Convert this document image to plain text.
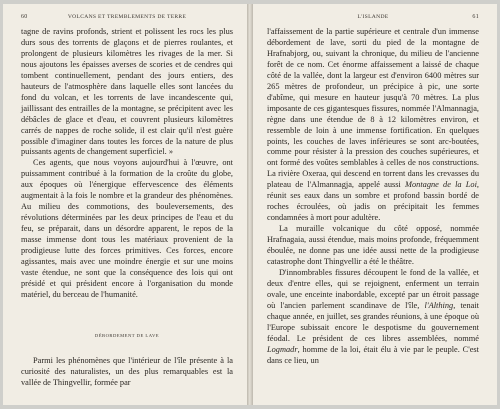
60	VOLCANS ET TREMBLEMENTS DE TERRE

tagne de ravins profonds, strient et polissent les rocs les plus durs sous des torrents de glaçons et de pierres roulantes, et prolongent de plusieurs kilomètres les rivages de la mer. Si nous ajoutons les épaisses averses de scories et de cendres qui tombent continuellement, pendant des jours entiers, des hauteurs de l'atmosphère dans laquelle elles sont lancées du fond du volcan, et les torrents de lave incandescente qui, jaillissant des entrailles de la montagne, se précipitent avec les débâcles de glace et d'eau, et couvrent plusieurs kilomètres carrés de nappes de roche solide, il est clair qu'il n'est guère possible d'imaginer dans toutes les forces de la nature de plus puissants agents de changement superficiel. »

Ces agents, que nous voyons aujourd'hui à l'œuvre, ont puissamment contribué à la formation de la croûte du globe, aux époques où l'énergique effervescence des éléments augmentait à la fois le nombre et la grandeur des phénomènes. Au milieu des commotions, des bouleversements, des révolutions déterminées par les deux principes de l'eau et du feu, se préparait, dans un désordre apparent, le repos de la masse immense dont tous les matériaux provenient de la prodigieuse lutte des forces primitives. Ces forces, encore agissantes, mais avec une moindre énergie et sur une moins vaste étendue, ne sont que la conséquence des lois qui ont présidé et qui président encore à l'organisation du monde matériel, du berceau de l'humanité.

DÉBORDEMENT DE LAVE

Parmi les phénomènes que l'intérieur de l'île présente à la curiosité des naturalistes, un des plus remarquables est la vallée de Thingvellir, formée par

L'ISLANDE	61

l'affaissement de la partie supérieure et centrale d'un immense débordement de lave, sorti du pied de la montagne de Hrafnabjorg, ou, suivant la chronique, du milieu de l'ancienne forêt de ce nom. Cet énorme affaissement a laissé de chaque côté de la vallée, dont la largeur est d'environ 6400 mètres sur 265 mètres de profondeur, un précipice à pic, une sorte d'abîme, qui mesure en hauteur jusqu'à 70 mètres. La plus imposante de ces gigantesques fissures, nommée l'Almannagja, règne dans une étendue de 8 à 12 kilomètres environ, et ressemble de loin à une immense fortification. En quelques points, les couches de laves inférieures se sont arc-boutées, comme pour résister à la pression des couches supérieures, et ont formé des voûtes semblables à celles de nos constructions. La rivière Oxeraa, qui descend en torrent dans les crevasses du plateau de l'Almannagja, appelé aussi Montagne de la Loi, réunit ses eaux dans un sombre et profond bassin bordé de roches écroulées, où jadis on précipitait les femmes condamnées à mort pour adultère.

La muraille volcanique du côté opposé, nommée Hrafnagaia, aussi étendue, mais moins profonde, fréquemment éboulée, ne donne pas une idée aussi nette de la prodigieuse catastrophe dont Thingvellir a été le théâtre.

D'innombrables fissures découpent le fond de la vallée, et deux d'entre elles, qui se rejoignent, enferment un terrain ovale, une enceinte inabordable, excepté par un étroit passage où l'ancien parlement scandinave de l'île, l'Althing, tenait chaque année, en juillet, ses grandes réunions, à une époque où l'Europe subissait encore le despotisme du gouvernement féodal. Le président de ces libres assemblées, nommé Logmadr, homme de la loi, était élu à vie par le peuple. C'est dans ce lieu, un
